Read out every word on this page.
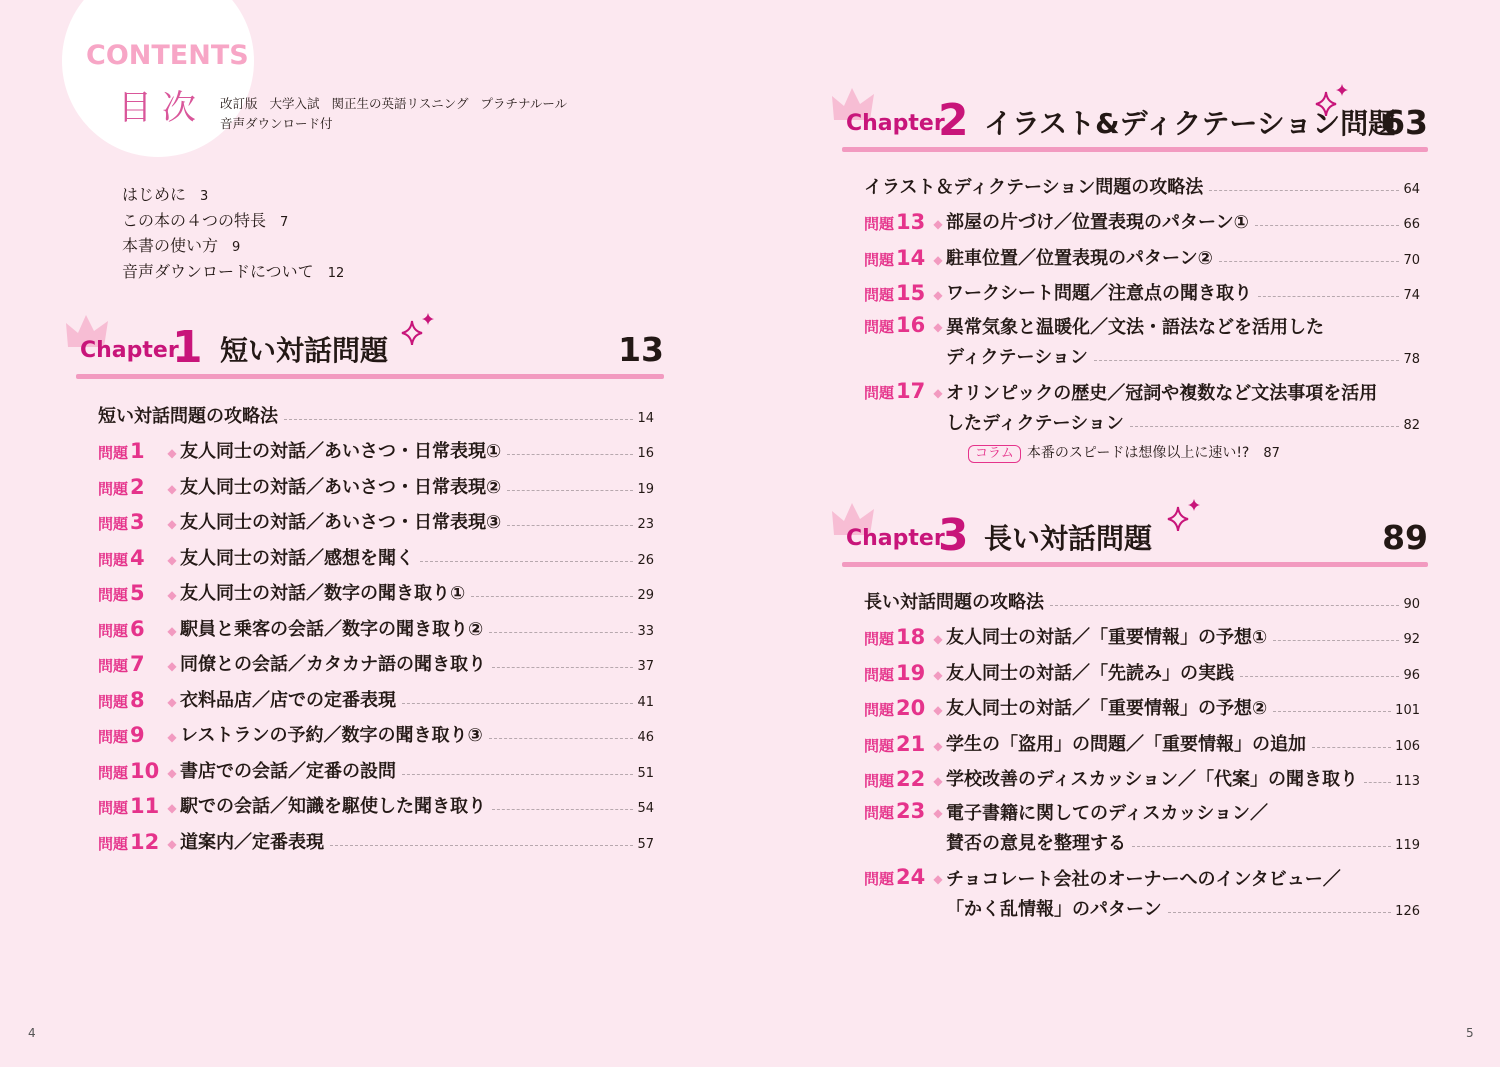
CONTENTS
目次 改訂版 大学入試 関正生の英語リスニング プラチナルール
音声ダウンロード付
はじめに 3
この本の４つの特長 7
本書の使い方 9
音声ダウンロードについて 12
Chapter
1 短い対話問題	13
短い対話問題の攻略法	14
問題1	◆ 友人同士の対話／あいさつ・日常表現①	16
問題2	◆ 友人同士の対話／あいさつ・日常表現②	19
問題3	◆ 友人同士の対話／あいさつ・日常表現③	23
問題4	◆ 友人同士の対話／感想を聞く	26
問題5	◆ 友人同士の対話／数字の聞き取り①	29
問題6	◆ 駅員と乗客の会話／数字の聞き取り②	33
問題7	◆ 同僚との会話／カタカナ語の聞き取り	37
問題8	◆ 衣料品店／店での定番表現	41
問題9	◆ レストランの予約／数字の聞き取り③	46
問題10 ◆ 書店での会話／定番の設問	51
問題11 ◆ 駅での会話／知識を駆使した聞き取り	54
問題12 ◆ 道案内／定番表現	57
4
Chapter
2 イラスト&ディクテーション問題
63
イラスト＆ディクテーション問題の攻略法	64
問題13 ◆ 部屋の片づけ／位置表現のパターン①	66
問題14 ◆ 駐車位置／位置表現のパターン②	70
問題15 ◆ ワークシート問題／注意点の聞き取り	74
問題16 ◆ 異常気象と温暖化／文法・語法などを活用した
ディクテーション	78
問題17 ◆ オリンピックの歴史／冠詞や複数など文法事項を活用
したディクテーション	82
コラム 本番のスピードは想像以上に速い!? 87
Chapter
3 長い対話問題	89
長い対話問題の攻略法	90
問題18 ◆ 友人同士の対話／「重要情報」の予想①	92
問題19 ◆ 友人同士の対話／「先読み」の実践	96
問題20 ◆ 友人同士の対話／「重要情報」の予想②	101
問題21 ◆ 学生の「盗用」の問題／「重要情報」の追加	106
問題22 ◆ 学校改善のディスカッション／「代案」の聞き取り	113
問題23 ◆ 電子書籍に関してのディスカッション／
賛否の意見を整理する	119
問題24 ◆ チョコレート会社のオーナーへのインタビュー／
「かく乱情報」のパターン	126
5
